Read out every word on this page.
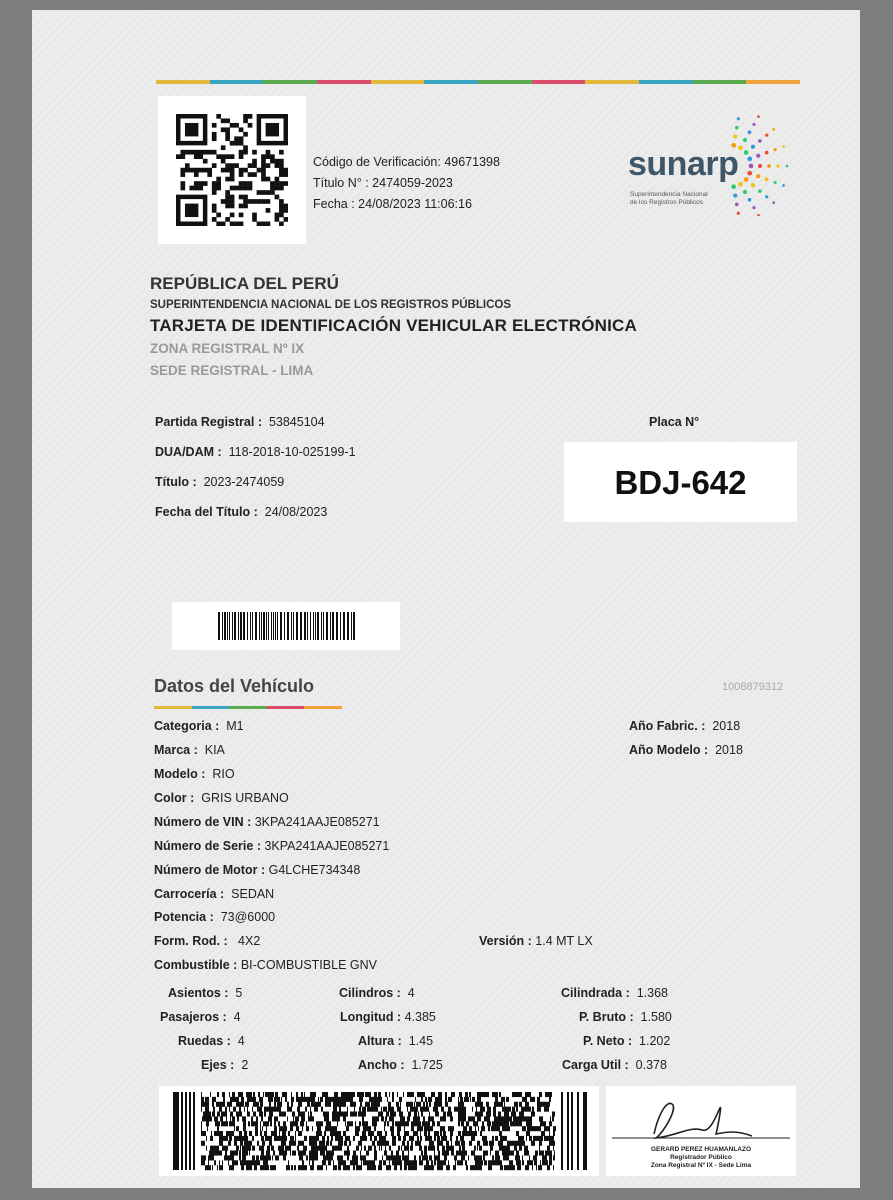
Código de Verificación: 49671398
Título N° : 2474059-2023
Fecha : 24/08/2023 11:06:16
sunarp
Superintendencia Nacional
de los Registros Públicos
REPÚBLICA DEL PERÚ
SUPERINTENDENCIA NACIONAL DE LOS REGISTROS PÚBLICOS
TARJETA DE IDENTIFICACIÓN VEHICULAR ELECTRÓNICA
ZONA REGISTRAL Nº IX
SEDE REGISTRAL - LIMA
Partida Registral : 53845104
DUA/DAM : 118-2018-10-025199-1
Título : 2023-2474059
Fecha del Título : 24/08/2023
Placa N°
BDJ-642
Datos del Vehículo	1008879312
Categoria : M1
Marca : KIA
Modelo : RIO
Color : GRIS URBANO
Número de VIN : 3KPA241AAJE085271
Número de Serie : 3KPA241AAJE085271
Número de Motor : G4LCHE734348
Carrocería : SEDAN
Potencia : 73@6000
Form. Rod. : 4X2	Versión : 1.4 MT LX
Combustible : BI-COMBUSTIBLE GNV
Año Fabric. : 2018
Año Modelo : 2018
Asientos : 5
Pasajeros : 4
Ruedas : 4
Ejes : 2
Cilindros : 4
Longitud : 4.385
Altura : 1.45
Ancho : 1.725
Cilindrada : 1.368
P. Bruto : 1.580
P. Neto : 1.202
Carga Util : 0.378
GERARD PEREZ HUAMANLAZO
Registrador Público
Zona Registral Nº IX - Sede Lima
